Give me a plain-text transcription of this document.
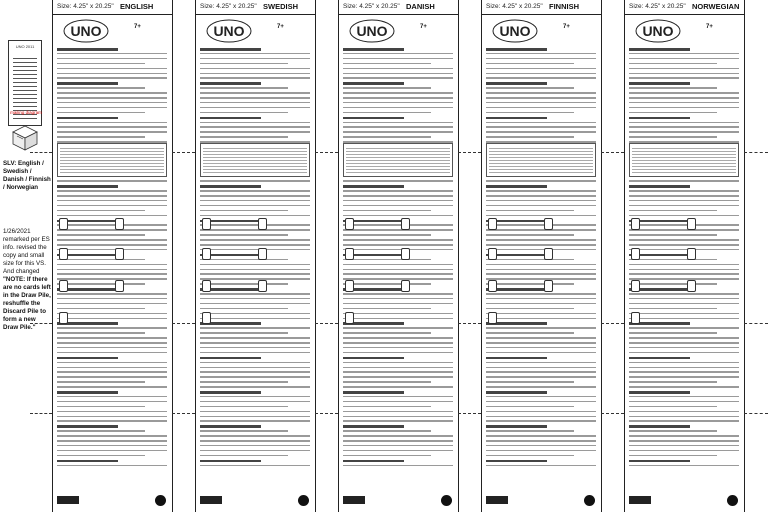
UNO 2011
mailing diagram
SLV: English / Swedish / Danish / Finnish / Norwegian
1/26/2021 remarked per ES info. revised the copy and small size for this VS. And changed "NOTE: If there are no cards left in the Draw Pile, reshuffle the Discard Pile to form a new Draw Pile."
Size: 4.25" x 20.25" ENGLISH
UNO	7+
Size: 4.25" x 20.25" SWEDISH
UNO	7+
Size: 4.25" x 20.25" DANISH
UNO	7+
Size: 4.25" x 20.25" FINNISH
UNO	7+
Size: 4.25" x 20.25" NORWEGIAN
UNO	7+
